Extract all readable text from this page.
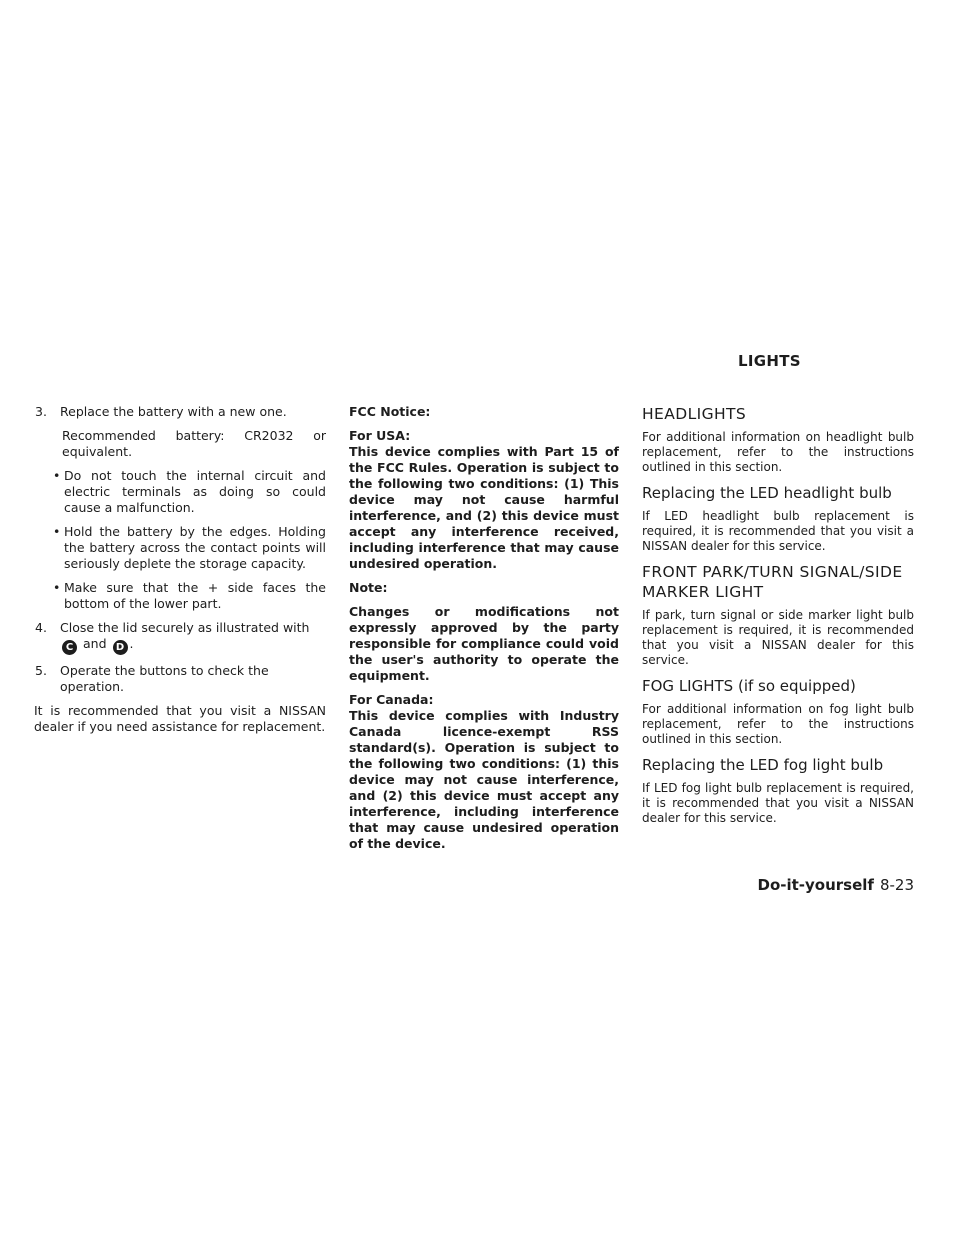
LIGHTS
3. Replace the battery with a new one.
Recommended battery: CR2032 or equivalent.
• Do not touch the internal circuit and electric terminals as doing so could cause a malfunction.
• Hold the battery by the edges. Holding the battery across the contact points will seriously deplete the storage capacity.
• Make sure that the + side faces the bottom of the lower part.
4. Close the lid securely as illustrated with C and D .
5. Operate the buttons to check the operation.
It is recommended that you visit a NISSAN dealer if you need assistance for replacement.
FCC Notice:
For USA:
This device complies with Part 15 of the FCC Rules. Operation is subject to the following two conditions: (1) This device may not cause harmful interference, and (2) this device must accept any interference received, including interference that may cause undesired operation.
Note:
Changes or modifications not expressly approved by the party responsible for compliance could void the user's authority to operate the equipment.
For Canada:
This device complies with Industry Canada licence-exempt RSS standard(s). Operation is subject to the following two conditions: (1) this device may not cause interference, and (2) this device must accept any interference, including interference that may cause undesired operation of the device.
HEADLIGHTS
For additional information on headlight bulb replacement, refer to the instructions outlined in this section.
Replacing the LED headlight bulb
If LED headlight bulb replacement is required, it is recommended that you visit a NISSAN dealer for this service.
FRONT PARK/TURN SIGNAL/SIDE MARKER LIGHT
If park, turn signal or side marker light bulb replacement is required, it is recommended that you visit a NISSAN dealer for this service.
FOG LIGHTS (if so equipped)
For additional information on fog light bulb replacement, refer to the instructions outlined in this section.
Replacing the LED fog light bulb
If LED fog light bulb replacement is required, it is recommended that you visit a NISSAN dealer for this service.
Do-it-yourself 8-23
